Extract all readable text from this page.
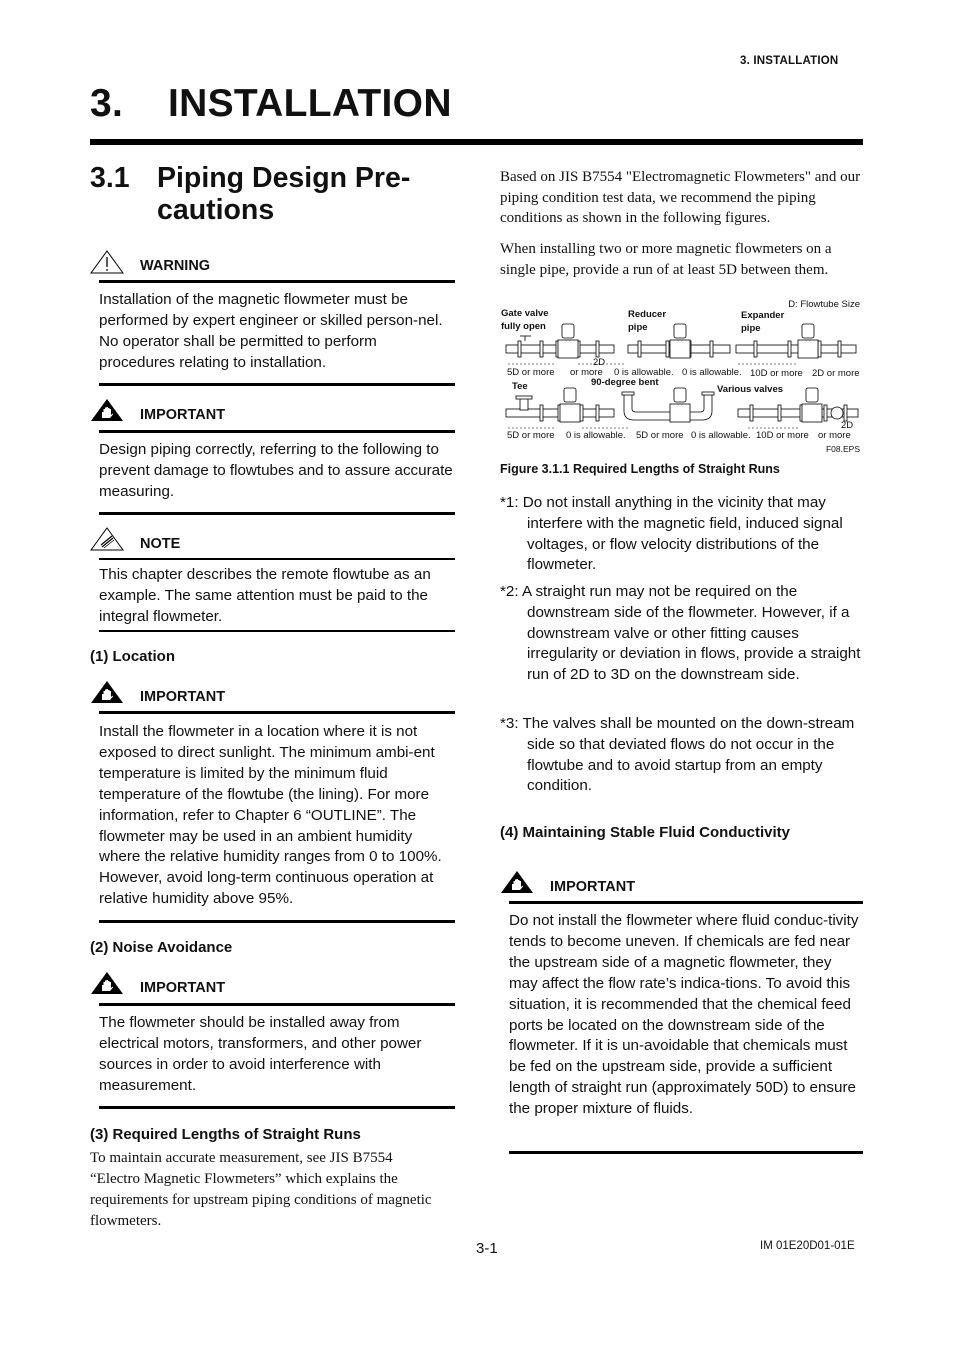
3. INSTALLATION
3. INSTALLATION
3.1 Piping Design Pre-
cautions
WARNING
Installation of the magnetic flowmeter must be performed by expert engineer or skilled person-nel. No operator shall be permitted to perform procedures relating to installation.
IMPORTANT
Design piping correctly, referring to the following to prevent damage to flowtubes and to assure accurate measuring.
NOTE
This chapter describes the remote flowtube as an example. The same attention must be paid to the integral flowmeter.
(1) Location
IMPORTANT
Install the flowmeter in a location where it is not exposed to direct sunlight. The minimum ambi-ent temperature is limited by the minimum fluid temperature of the flowtube (the lining). For more information, refer to Chapter 6 “OUTLINE”. The flowmeter may be used in an ambient humidity where the relative humidity ranges from 0 to 100%. However, avoid long-term continuous operation at relative humidity above 95%.
(2) Noise Avoidance
IMPORTANT
The flowmeter should be installed away from electrical motors, transformers, and other power sources in order to avoid interference with measurement.
(3) Required Lengths of Straight Runs
To maintain accurate measurement, see JIS B7554 “Electro Magnetic Flowmeters” which explains the requirements for upstream piping conditions of magnetic flowmeters.
Based on JIS B7554 "Electromagnetic Flowmeters" and our piping condition test data, we recommend the piping conditions as shown in the following figures.
When installing two or more magnetic flowmeters on a single pipe, provide a run of at least 5D between them.
D: Flowtube Size
Gate valve
fully open
Reducer
pipe
Expander
pipe
2D
5D or more or more 0 is allowable. 0 is allowable. 10D or more 2D or more
Tee	90-degree bent
Various valves
2D
5D or more 0 is allowable. 5D or more 0 is allowable. 10D or more or more
F08.EPS
Figure 3.1.1 Required Lengths of Straight Runs
*1: Do not install anything in the vicinity that may interfere with the magnetic field, induced signal voltages, or flow velocity distributions of the flowmeter.
*2: A straight run may not be required on the downstream side of the flowmeter. However, if a downstream valve or other fitting causes irregularity or deviation in flows, provide a straight run of 2D to 3D on the downstream side.
*3: The valves shall be mounted on the down-stream side so that deviated flows do not occur in the flowtube and to avoid startup from an empty condition.
(4) Maintaining Stable Fluid Conductivity
IMPORTANT
Do not install the flowmeter where fluid conduc-tivity tends to become uneven. If chemicals are fed near the upstream side of a magnetic flowmeter, they may affect the flow rate’s indica-tions. To avoid this situation, it is recommended that the chemical feed ports be located on the downstream side of the flowmeter. If it is un-avoidable that chemicals must be fed on the upstream side, provide a sufficient length of straight run (approximately 50D) to ensure the proper mixture of fluids.
3-1	IM 01E20D01-01E
